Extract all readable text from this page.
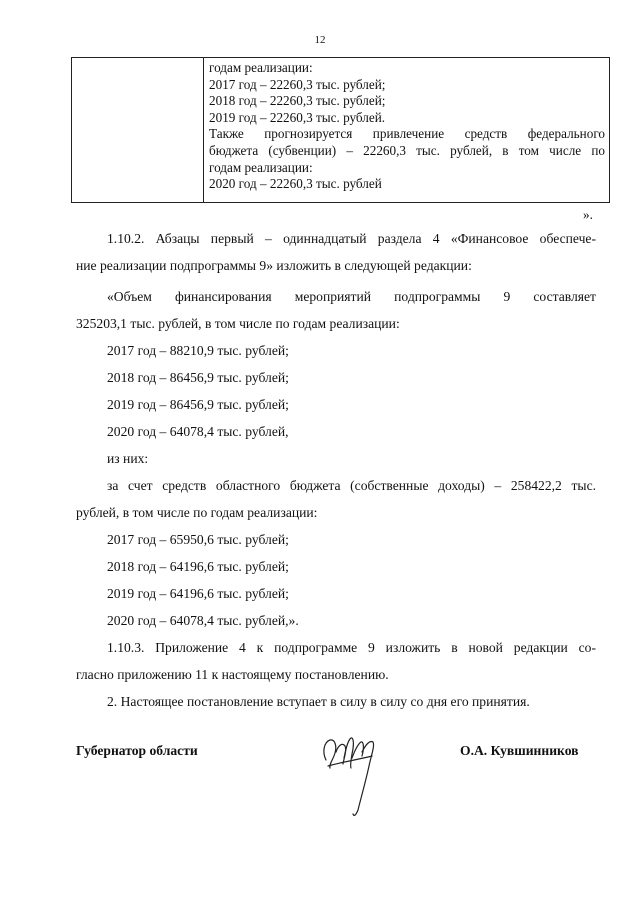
12
годам реализации:
2017 год – 22260,3 тыс. рублей;
2018 год – 22260,3 тыс. рублей;
2019 год – 22260,3 тыс. рублей.
Также прогнозируется привлечение средств федерального
бюджета (субвенции) – 22260,3 тыс. рублей, в том числе по
годам реализации:
2020 год – 22260,3 тыс. рублей
».
1.10.2. Абзацы первый – одиннадцатый раздела 4 «Финансовое обеспече-
ние реализации подпрограммы 9» изложить в следующей редакции:
«Объем финансирования мероприятий подпрограммы 9 составляет
325203,1 тыс. рублей, в том числе по годам реализации:
2017 год – 88210,9 тыс. рублей;
2018 год – 86456,9 тыс. рублей;
2019 год – 86456,9 тыс. рублей;
2020 год – 64078,4 тыс. рублей,
из них:
за счет средств областного бюджета (собственные доходы) – 258422,2 тыс.
рублей, в том числе по годам реализации:
2017 год – 65950,6 тыс. рублей;
2018 год – 64196,6 тыс. рублей;
2019 год – 64196,6 тыс. рублей;
2020 год – 64078,4 тыс. рублей,».
1.10.3. Приложение 4 к подпрограмме 9 изложить в новой редакции со-
гласно приложению 11 к настоящему постановлению.
2. Настоящее постановление вступает в силу в силу со дня его принятия.
Губернатор области	О.А. Кувшинников
